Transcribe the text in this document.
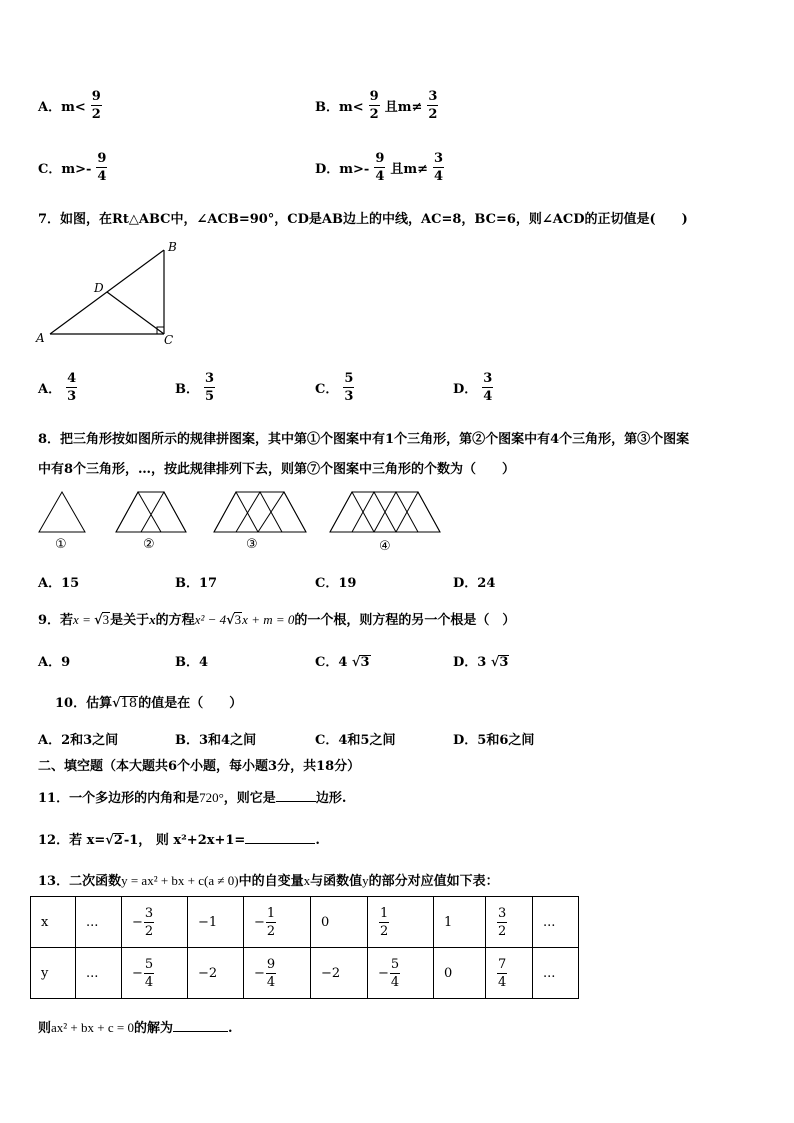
A．$m< \frac{9}{2}$	B．$m< \frac{9}{2}$ 且$m\ne \frac{3}{2}$
C．$m>- \frac{9}{4}$	D．$m>- \frac{9}{4}$ 且$m\ne \frac{3}{4}$
7．如图，在Rt△ABC中，∠ACB=90°，CD是AB边上的中线，AC=8，BC=6，则∠ACD的正切值是(　　)
A
B
C
D
A． $\frac{4}{3}$	B． $\frac{3}{5}$	C． $\frac{5}{3}$	D． $\frac{3}{4}$
8．把三角形按如图所示的规律拼图案，其中第①个图案中有1个三角形，第②个图案中有4个三角形，第③个图案
中有8个三角形，…，按此规律排列下去，则第⑦个图案中三角形的个数为（　　）
①	②	③	④
A．15	B．17	C．19	D．24
9．若x = √3是关于x的方程x² − 4√3x + m = 0的一个根，则方程的另一个根是（　）
A．9	B．4	C．4 √3	D．3 √3
10．估算√18的值是在（　　）
A．2和3之间	B．3和4之间	C．4和5之间	D．5和6之间
二、填空题（本大题共6个小题，每小题3分，共18分）
11．一个多边形的内角和是720°，则它是	边形.
12．若 x=√2-1， 则 x²+2x+1=	.
13．二次函数y = ax² + bx + c(a ≠ 0)中的自变量x与函数值y的部分对应值如下表：
x	...	− $\frac{3}{2}$	−1	− $\frac{1}{2}$	0	$\frac{1}{2}$	1	$\frac{3}{2}$	...
y	...	− $\frac{5}{4}$	−2	− $\frac{9}{4}$	−2	− $\frac{5}{4}$	0	$\frac{7}{4}$	...
则ax² + bx + c = 0的解为	.
